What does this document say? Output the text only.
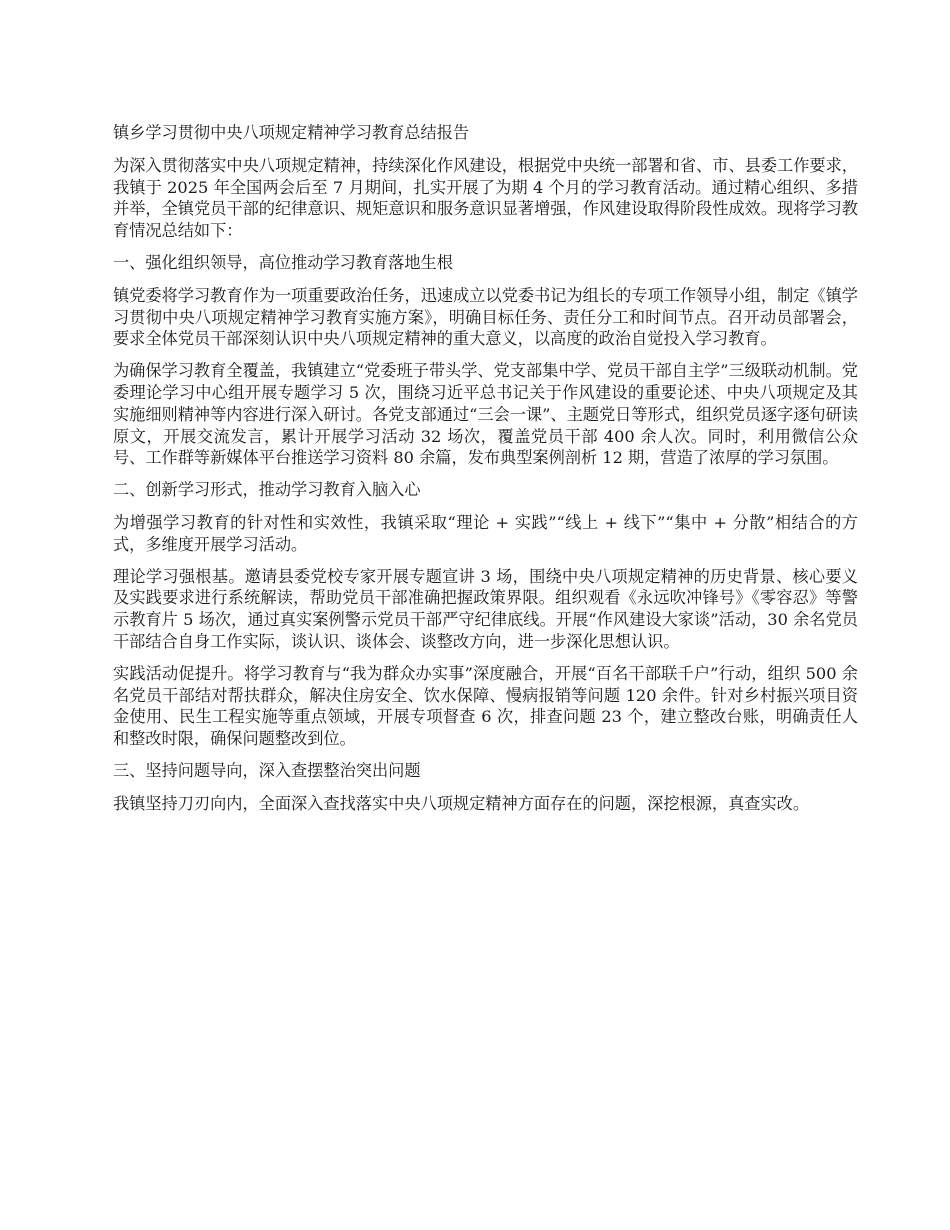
镇乡学习贯彻中央八项规定精神学习教育总结报告

为深入贯彻落实中央八项规定精神，持续深化作风建设，根据党中央统一部署和省、市、县委工作要求，我镇于 2025 年全国两会后至 7 月期间，扎实开展了为期 4 个月的学习教育活动。通过精心组织、多措并举，全镇党员干部的纪律意识、规矩意识和服务意识显著增强，作风建设取得阶段性成效。现将学习教育情况总结如下：

一、强化组织领导，高位推动学习教育落地生根

镇党委将学习教育作为一项重要政治任务，迅速成立以党委书记为组长的专项工作领导小组，制定《镇学习贯彻中央八项规定精神学习教育实施方案》，明确目标任务、责任分工和时间节点。召开动员部署会，要求全体党员干部深刻认识中央八项规定精神的重大意义，以高度的政治自觉投入学习教育。

为确保学习教育全覆盖，我镇建立“党委班子带头学、党支部集中学、党员干部自主学”三级联动机制。党委理论学习中心组开展专题学习 5 次，围绕习近平总书记关于作风建设的重要论述、中央八项规定及其实施细则精神等内容进行深入研讨。各党支部通过“三会一课”、主题党日等形式，组织党员逐字逐句研读原文，开展交流发言，累计开展学习活动 32 场次，覆盖党员干部 400 余人次。同时，利用微信公众号、工作群等新媒体平台推送学习资料 80 余篇，发布典型案例剖析 12 期，营造了浓厚的学习氛围。

二、创新学习形式，推动学习教育入脑入心

为增强学习教育的针对性和实效性，我镇采取“理论 + 实践”“线上 + 线下”“集中 + 分散”相结合的方式，多维度开展学习活动。

理论学习强根基。邀请县委党校专家开展专题宣讲 3 场，围绕中央八项规定精神的历史背景、核心要义及实践要求进行系统解读，帮助党员干部准确把握政策界限。组织观看《永远吹冲锋号》《零容忍》等警示教育片 5 场次，通过真实案例警示党员干部严守纪律底线。开展“作风建设大家谈”活动，30 余名党员干部结合自身工作实际，谈认识、谈体会、谈整改方向，进一步深化思想认识。

实践活动促提升。将学习教育与“我为群众办实事”深度融合，开展“百名干部联千户”行动，组织 500 余名党员干部结对帮扶群众，解决住房安全、饮水保障、慢病报销等问题 120 余件。针对乡村振兴项目资金使用、民生工程实施等重点领域，开展专项督查 6 次，排查问题 23 个，建立整改台账，明确责任人和整改时限，确保问题整改到位。

三、坚持问题导向，深入查摆整治突出问题

我镇坚持刀刃向内，全面深入查找落实中央八项规定精神方面存在的问题，深挖根源，真查实改。
